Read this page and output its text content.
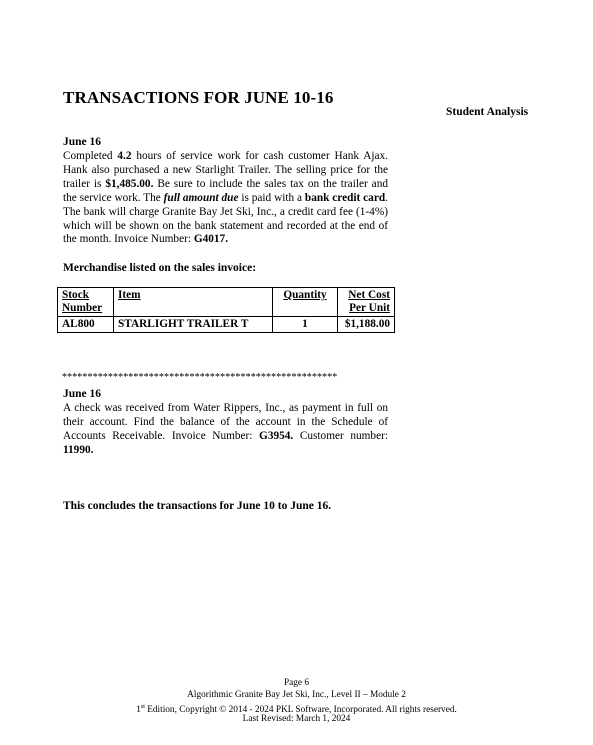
TRANSACTIONS FOR JUNE 10-16
Student Analysis
June 16
Completed 4.2 hours of service work for cash customer Hank Ajax. Hank also purchased a new Starlight Trailer. The selling price for the trailer is $1,485.00. Be sure to include the sales tax on the trailer and the service work. The full amount due is paid with a bank credit card. The bank will charge Granite Bay Jet Ski, Inc., a credit card fee (1-4%) which will be shown on the bank statement and recorded at the end of the month. Invoice Number: G4017.
Merchandise listed on the sales invoice:
Stock
Number	Item	Quantity	Net Cost
Per Unit
AL800	STARLIGHT TRAILER T	1	$1,188.00
******************************************************
June 16
A check was received from Water Rippers, Inc., as payment in full on their account. Find the balance of the account in the Schedule of Accounts Receivable. Invoice Number: G3954. Customer number: 11990.
This concludes the transactions for June 10 to June 16.
Page 6
Algorithmic Granite Bay Jet Ski, Inc., Level II – Module 2
1st Edition, Copyright © 2014 - 2024 PKL Software, Incorporated. All rights reserved.
Last Revised: March 1, 2024
